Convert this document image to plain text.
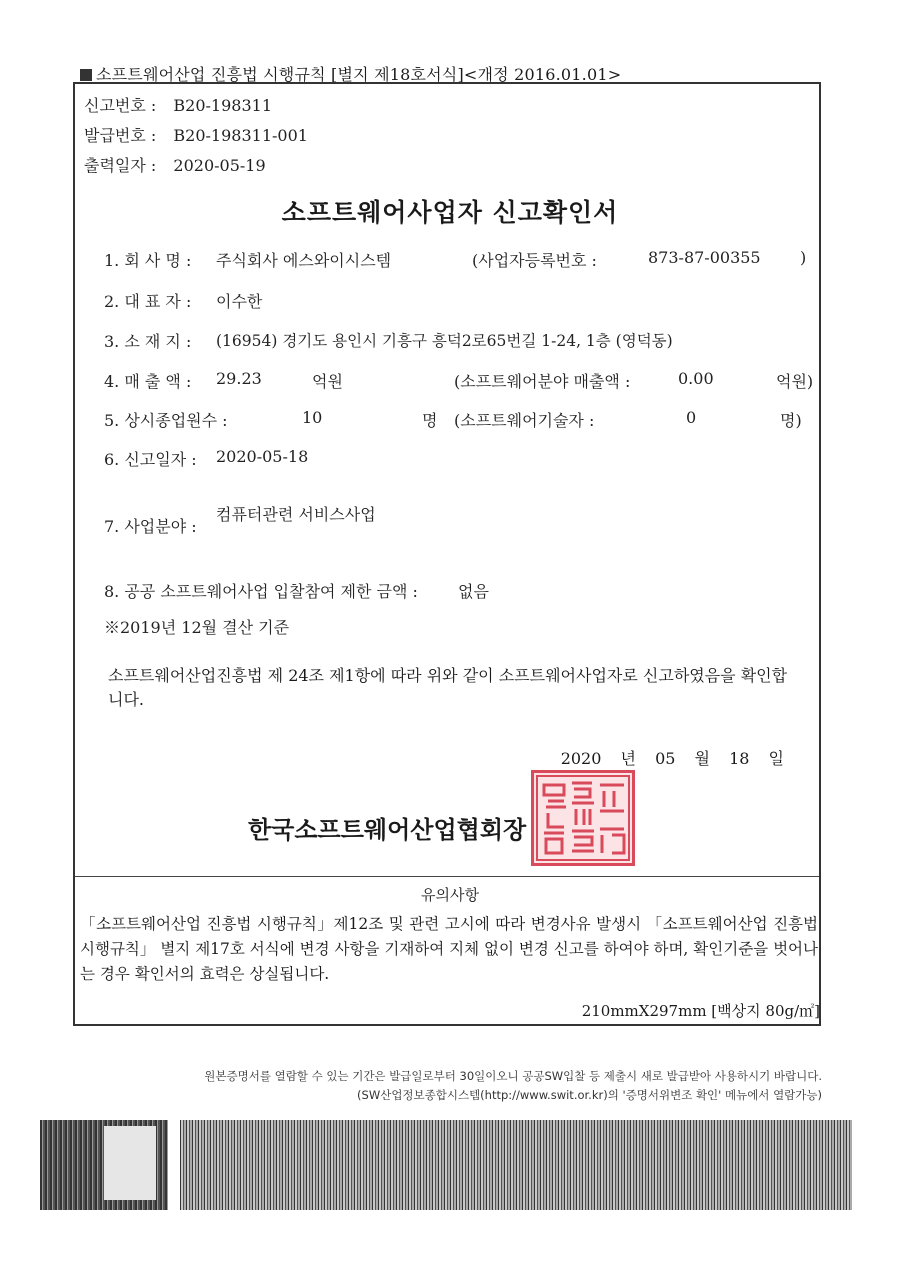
소프트웨어산업 진흥법 시행규칙 [별지 제18호서식]<개정 2016.01.01>
신고번호 : B20-198311
발급번호 : B20-198311-001
출력일자 : 2020-05-19
소프트웨어사업자 신고확인서
1. 회 사 명 : 주식회사 에스와이시스템	(사업자등록번호 :	873-87-00355 )
2. 대 표 자 : 이수한
3. 소 재 지 : (16954) 경기도 용인시 기흥구 흥덕2로65번길 1-24, 1층 (영덕동)
4. 매 출 액 : 29.23	억원	(소프트웨어분야 매출액 :	0.00	억원)
5. 상시종업원수 :	10	명 (소프트웨어기술자 :	0	명)
6. 신고일자 : 2020-05-18
7. 사업분야 :
컴퓨터관련 서비스사업
8. 공공 소프트웨어사업 입찰참여 제한 금액 :	없음
※2019년 12월 결산 기준
소프트웨어산업진흥법 제 24조 제1항에 따라 위와 같이 소프트웨어사업자로 신고하였음을 확인합니다.
2020 년 05 월 18 일
한국소프트웨어산업협회장
유의사항
「소프트웨어산업 진흥법 시행규칙」제12조 및 관련 고시에 따라 변경사유 발생시 「소프트웨어산업 진흥법 시행규칙」 별지 제17호 서식에 변경 사항을 기재하여 지체 없이 변경 신고를 하여야 하며, 확인기준을 벗어나는 경우 확인서의 효력은 상실됩니다.
210mmX297mm [백상지 80g/㎡]
원본증명서를 열람할 수 있는 기간은 발급일로부터 30일이오니 공공SW입찰 등 제출시 새로 발급받아 사용하시기 바랍니다.
(SW산업정보종합시스템(http://www.swit.or.kr)의 '증명서위변조 확인' 메뉴에서 열람가능)
